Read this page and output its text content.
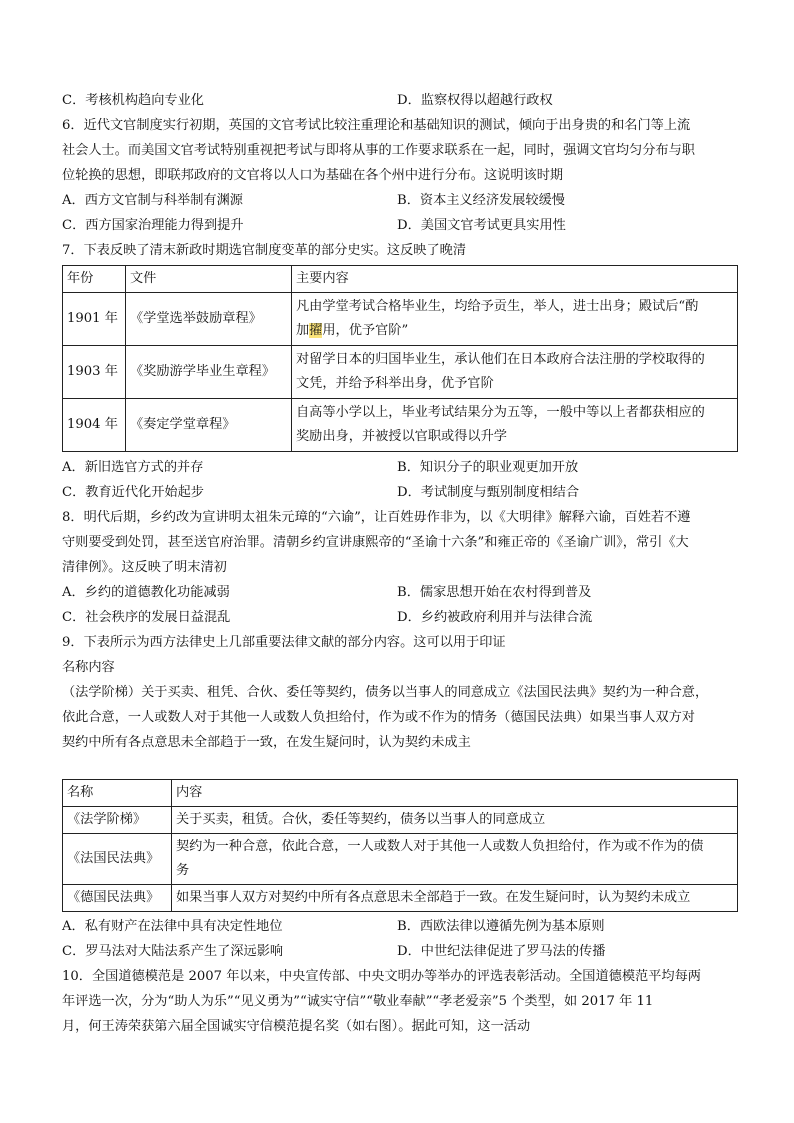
C．考核机构趋向专业化	D．监察权得以超越行政权
6．近代文官制度实行初期，英国的文官考试比较注重理论和基础知识的测试，倾向于出身贵的和名门等上流
社会人士。而美国文官考试特别重视把考试与即将从事的工作要求联系在一起，同时，强调文官均匀分布与职
位轮换的思想，即联邦政府的文官将以人口为基础在各个州中进行分布。这说明该时期
A．西方文官制与科举制有渊源	B．资本主义经济发展较缓慢
C．西方国家治理能力得到提升	D．美国文官考试更具实用性
7．下表反映了清末新政时期选官制度变革的部分史实。这反映了晚清
年份	文件	主要内容
1901 年	《学堂选举鼓励章程》	凡由学堂考试合格毕业生，均给予贡生，举人，进士出身；殿试后“酌
加擢用，优予官阶”

1903 年	《奖励游学毕业生章程》	对留学日本的归国毕业生，承认他们在日本政府合法注册的学校取得的
文凭，并给予科举出身，优予官阶

1904 年	《奏定学堂章程》	自高等小学以上，毕业考试结果分为五等，一般中等以上者都获相应的
奖励出身，并被授以官职或得以升学
A．新旧选官方式的并存	B．知识分子的职业观更加开放
C．教育近代化开始起步	D．考试制度与甄别制度相结合
8．明代后期，乡约改为宣讲明太祖朱元璋的“六谕”，让百姓毋作非为，以《大明律》解释六谕，百姓若不遵
守则要受到处罚，甚至送官府治罪。清朝乡约宣讲康熙帝的“圣谕十六条”和雍正帝的《圣谕广训》，常引《大
清律例》。这反映了明末清初
A．乡约的道德教化功能减弱	B．儒家思想开始在农村得到普及
C．社会秩序的发展日益混乱	D．乡约被政府利用并与法律合流
9．下表所示为西方法律史上几部重要法律文献的部分内容。这可以用于印证
名称内容
（法学阶梯）关于买卖、租凭、合伙、委任等契约，债务以当事人的同意成立《法国民法典》契约为一种合意，
依此合意，一人或数人对于其他一人或数人负担给付，作为或不作为的情务（德国民法典）如果当事人双方对
契约中所有各点意思未全部趋于一致，在发生疑问时，认为契约未成主
名称	内容
《法学阶梯》	关于买卖，租赁。合伙，委任等契约，债务以当事人的同意成立
《法国民法典》	契约为一种合意，依此合意，一人或数人对于其他一人或数人负担给付，作为或不作为的债
务

《德国民法典》	如果当事人双方对契约中所有各点意思未全部趋于一致。在发生疑问时，认为契约未成立
A．私有财产在法律中具有决定性地位	B．西欧法律以遵循先例为基本原则
C．罗马法对大陆法系产生了深远影响	D．中世纪法律促进了罗马法的传播
10．全国道德模范是 2007 年以来，中央宣传部、中央文明办等举办的评选表彰活动。全国道德模范平均每两
年评选一次，分为“助人为乐”“见义勇为”“诚实守信”“敬业奉献”“孝老爱亲”5 个类型，如 2017 年 11
月，何王涛荣获第六届全国诚实守信模范提名奖（如右图）。据此可知，这一活动
